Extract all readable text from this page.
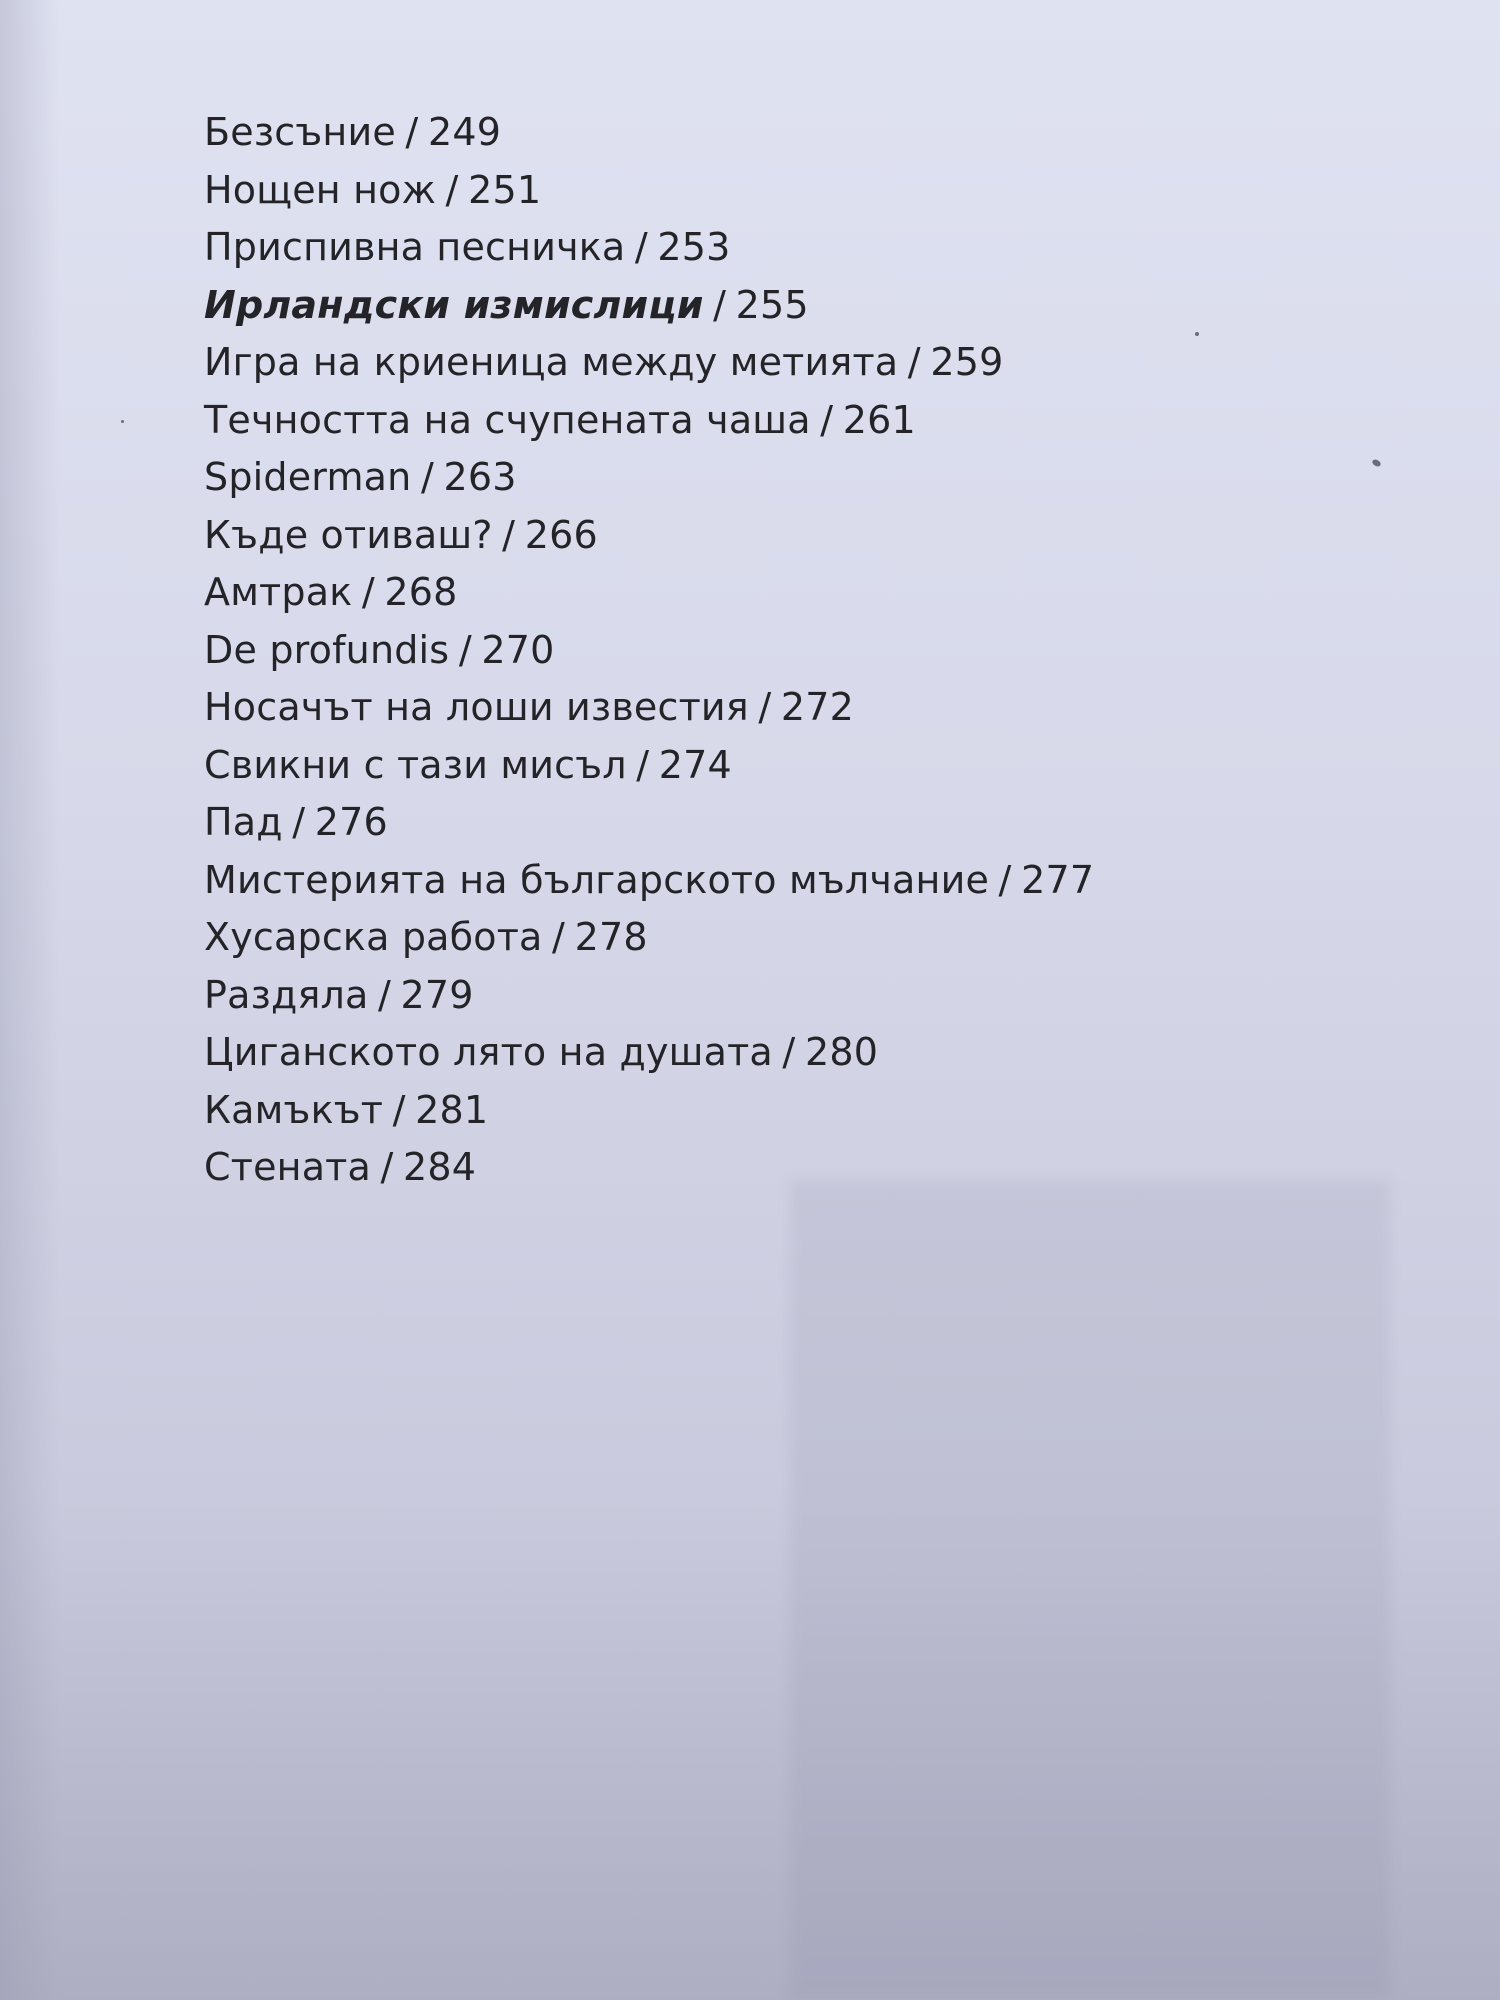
Безсъние / 249
Нощен нож / 251
Приспивна песничка / 253
Ирландски измислици / 255
Игра на криеница между метията / 259
Течността на счупената чаша / 261
Spiderman / 263
Къде отиваш? / 266
Амтрак / 268
De profundis / 270
Носачът на лоши известия / 272
Свикни с тази мисъл / 274
Пад / 276
Мистерията на българското мълчание / 277
Хусарска работа / 278
Раздяла / 279
Циганското лято на душата / 280
Камъкът / 281
Стената / 284
